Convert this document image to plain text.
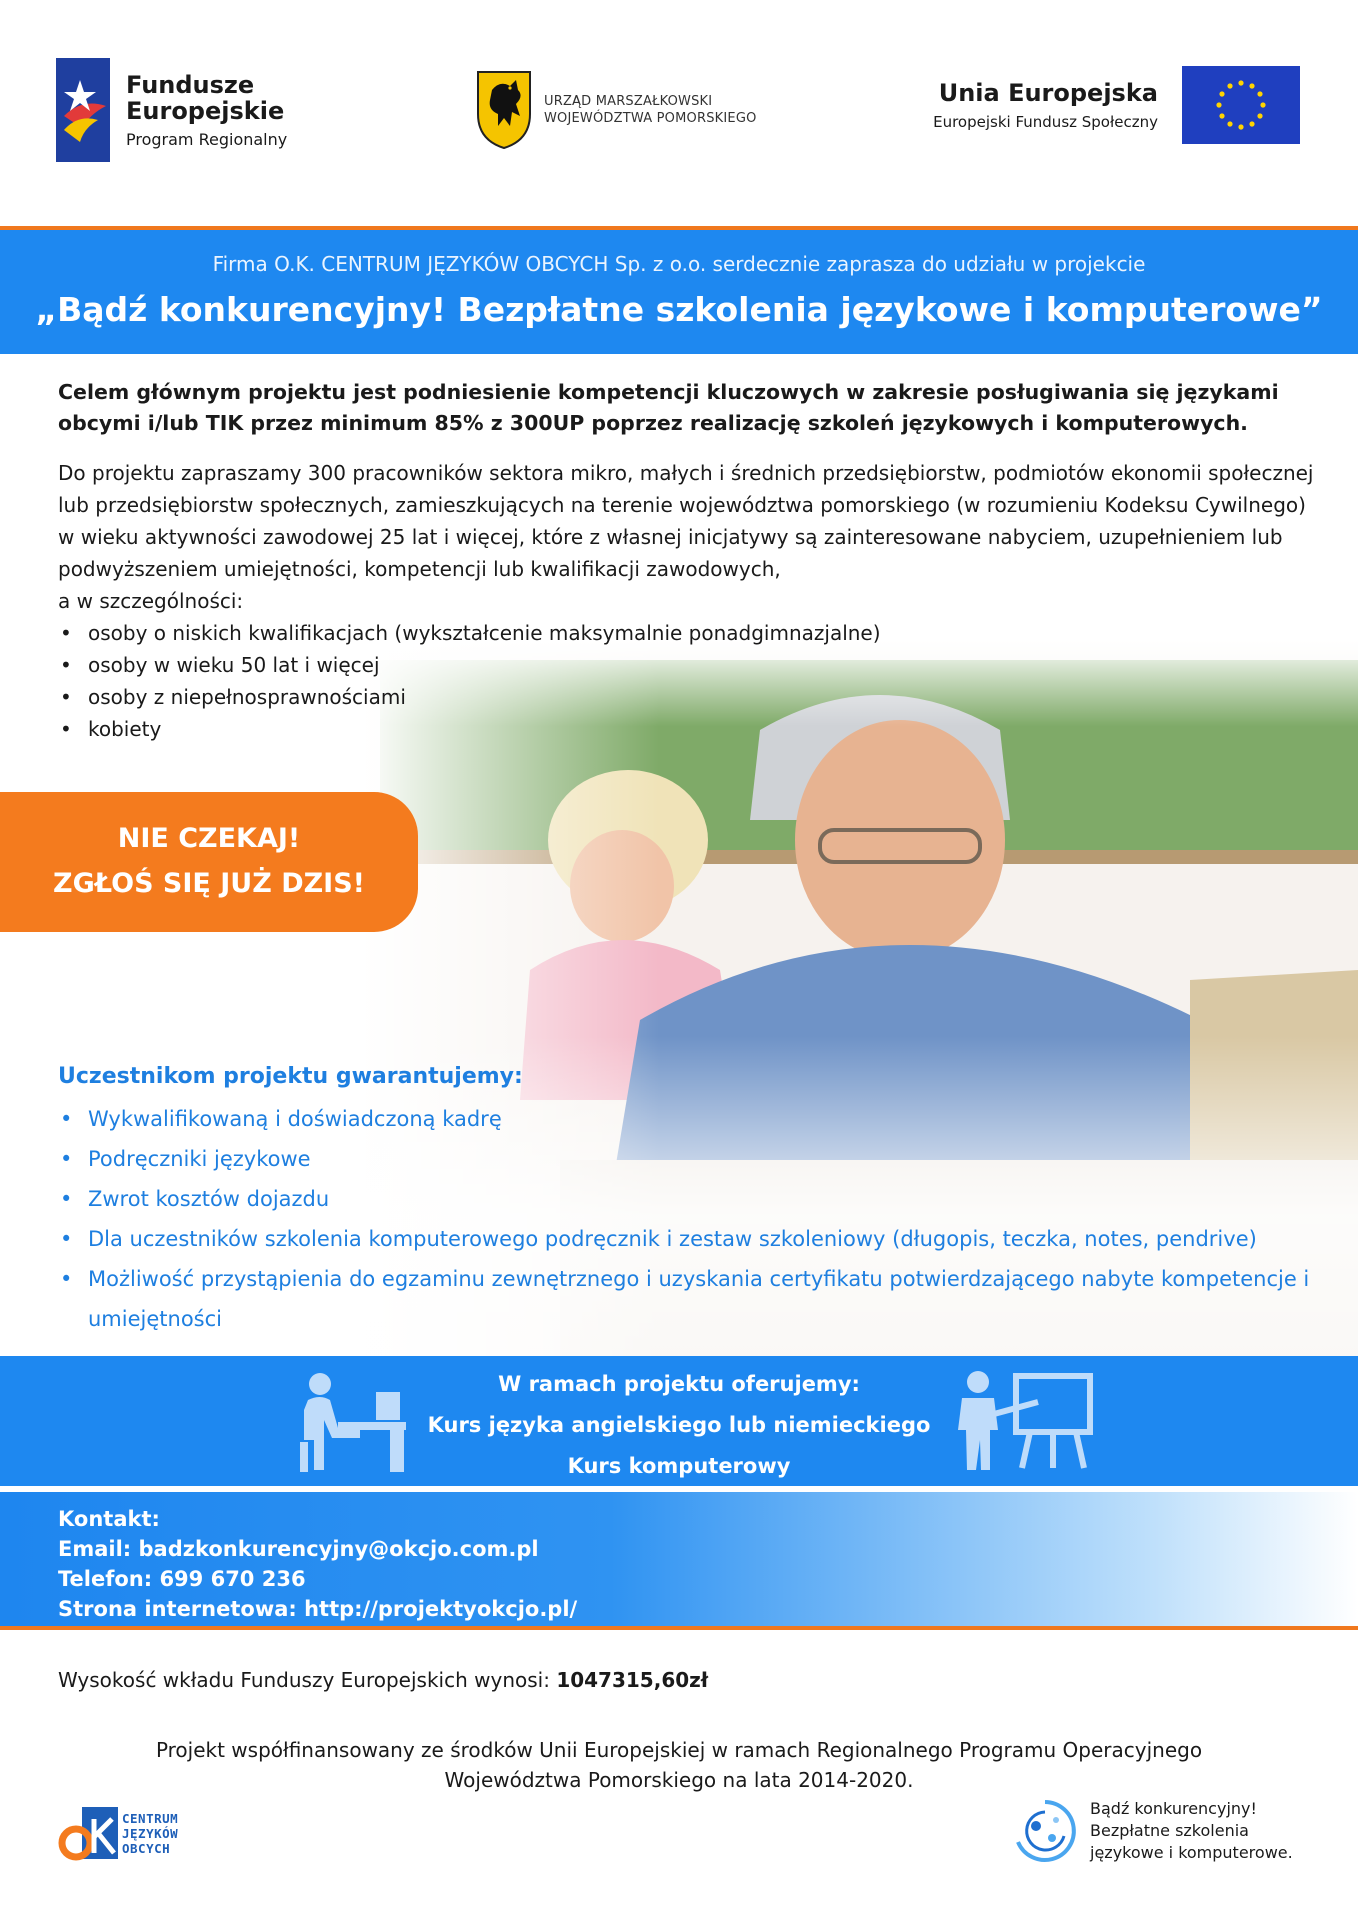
Fundusze
Europejskie
Program Regionalny
URZĄD MARSZAŁKOWSKI
WOJEWÓDZTWA POMORSKIEGO
Unia Europejska
Europejski Fundusz Społeczny
Firma O.K. CENTRUM JĘZYKÓW OBCYCH Sp. z o.o. serdecznie zaprasza do udziału w projekcie
„Bądź konkurencyjny! Bezpłatne szkolenia językowe i komputerowe”
Celem głównym projektu jest podniesienie kompetencji kluczowych w zakresie posługiwania się językami obcymi i/lub TIK przez minimum 85% z 300UP poprzez realizację szkoleń językowych i komputerowych.
Do projektu zapraszamy 300 pracowników sektora mikro, małych i średnich przedsiębiorstw, podmiotów ekonomii społecznej lub przedsiębiorstw społecznych, zamieszkujących na terenie województwa pomorskiego (w rozumieniu Kodeksu Cywilnego) w wieku aktywności zawodowej 25 lat i więcej, które z własnej inicjatywy są zainteresowane nabyciem, uzupełnieniem lub podwyższeniem umiejętności, kompetencji lub kwalifikacji zawodowych,
a w szczególności:
• osoby o niskich kwalifikacjach (wykształcenie maksymalnie ponadgimnazjalne)
• osoby w wieku 50 lat i więcej
• osoby z niepełnosprawnościami
• kobiety
NIE CZEKAJ!
ZGŁOŚ SIĘ JUŻ DZIS!
Uczestnikom projektu gwarantujemy:
• Wykwalifikowaną i doświadczoną kadrę
• Podręczniki językowe
• Zwrot kosztów dojazdu
• Dla uczestników szkolenia komputerowego podręcznik i zestaw szkoleniowy (długopis, teczka, notes, pendrive)
• Możliwość przystąpienia do egzaminu zewnętrznego i uzyskania certyfikatu potwierdzającego nabyte kompetencje i umiejętności
W ramach projektu oferujemy:
Kurs języka angielskiego lub niemieckiego
Kurs komputerowy
Kontakt:
Email: badzkonkurencyjny@okcjo.com.pl
Telefon: 699 670 236
Strona internetowa: http://projektyokcjo.pl/
Wysokość wkładu Funduszy Europejskich wynosi: 1047315,60zł
Projekt współfinansowany ze środków Unii Europejskiej w ramach Regionalnego Programu Operacyjnego
Województwa Pomorskiego na lata 2014-2020.
CENTRUM
JĘZYKÓW
OBCYCH
Bądź konkurencyjny!
Bezpłatne szkolenia
językowe i komputerowe.
